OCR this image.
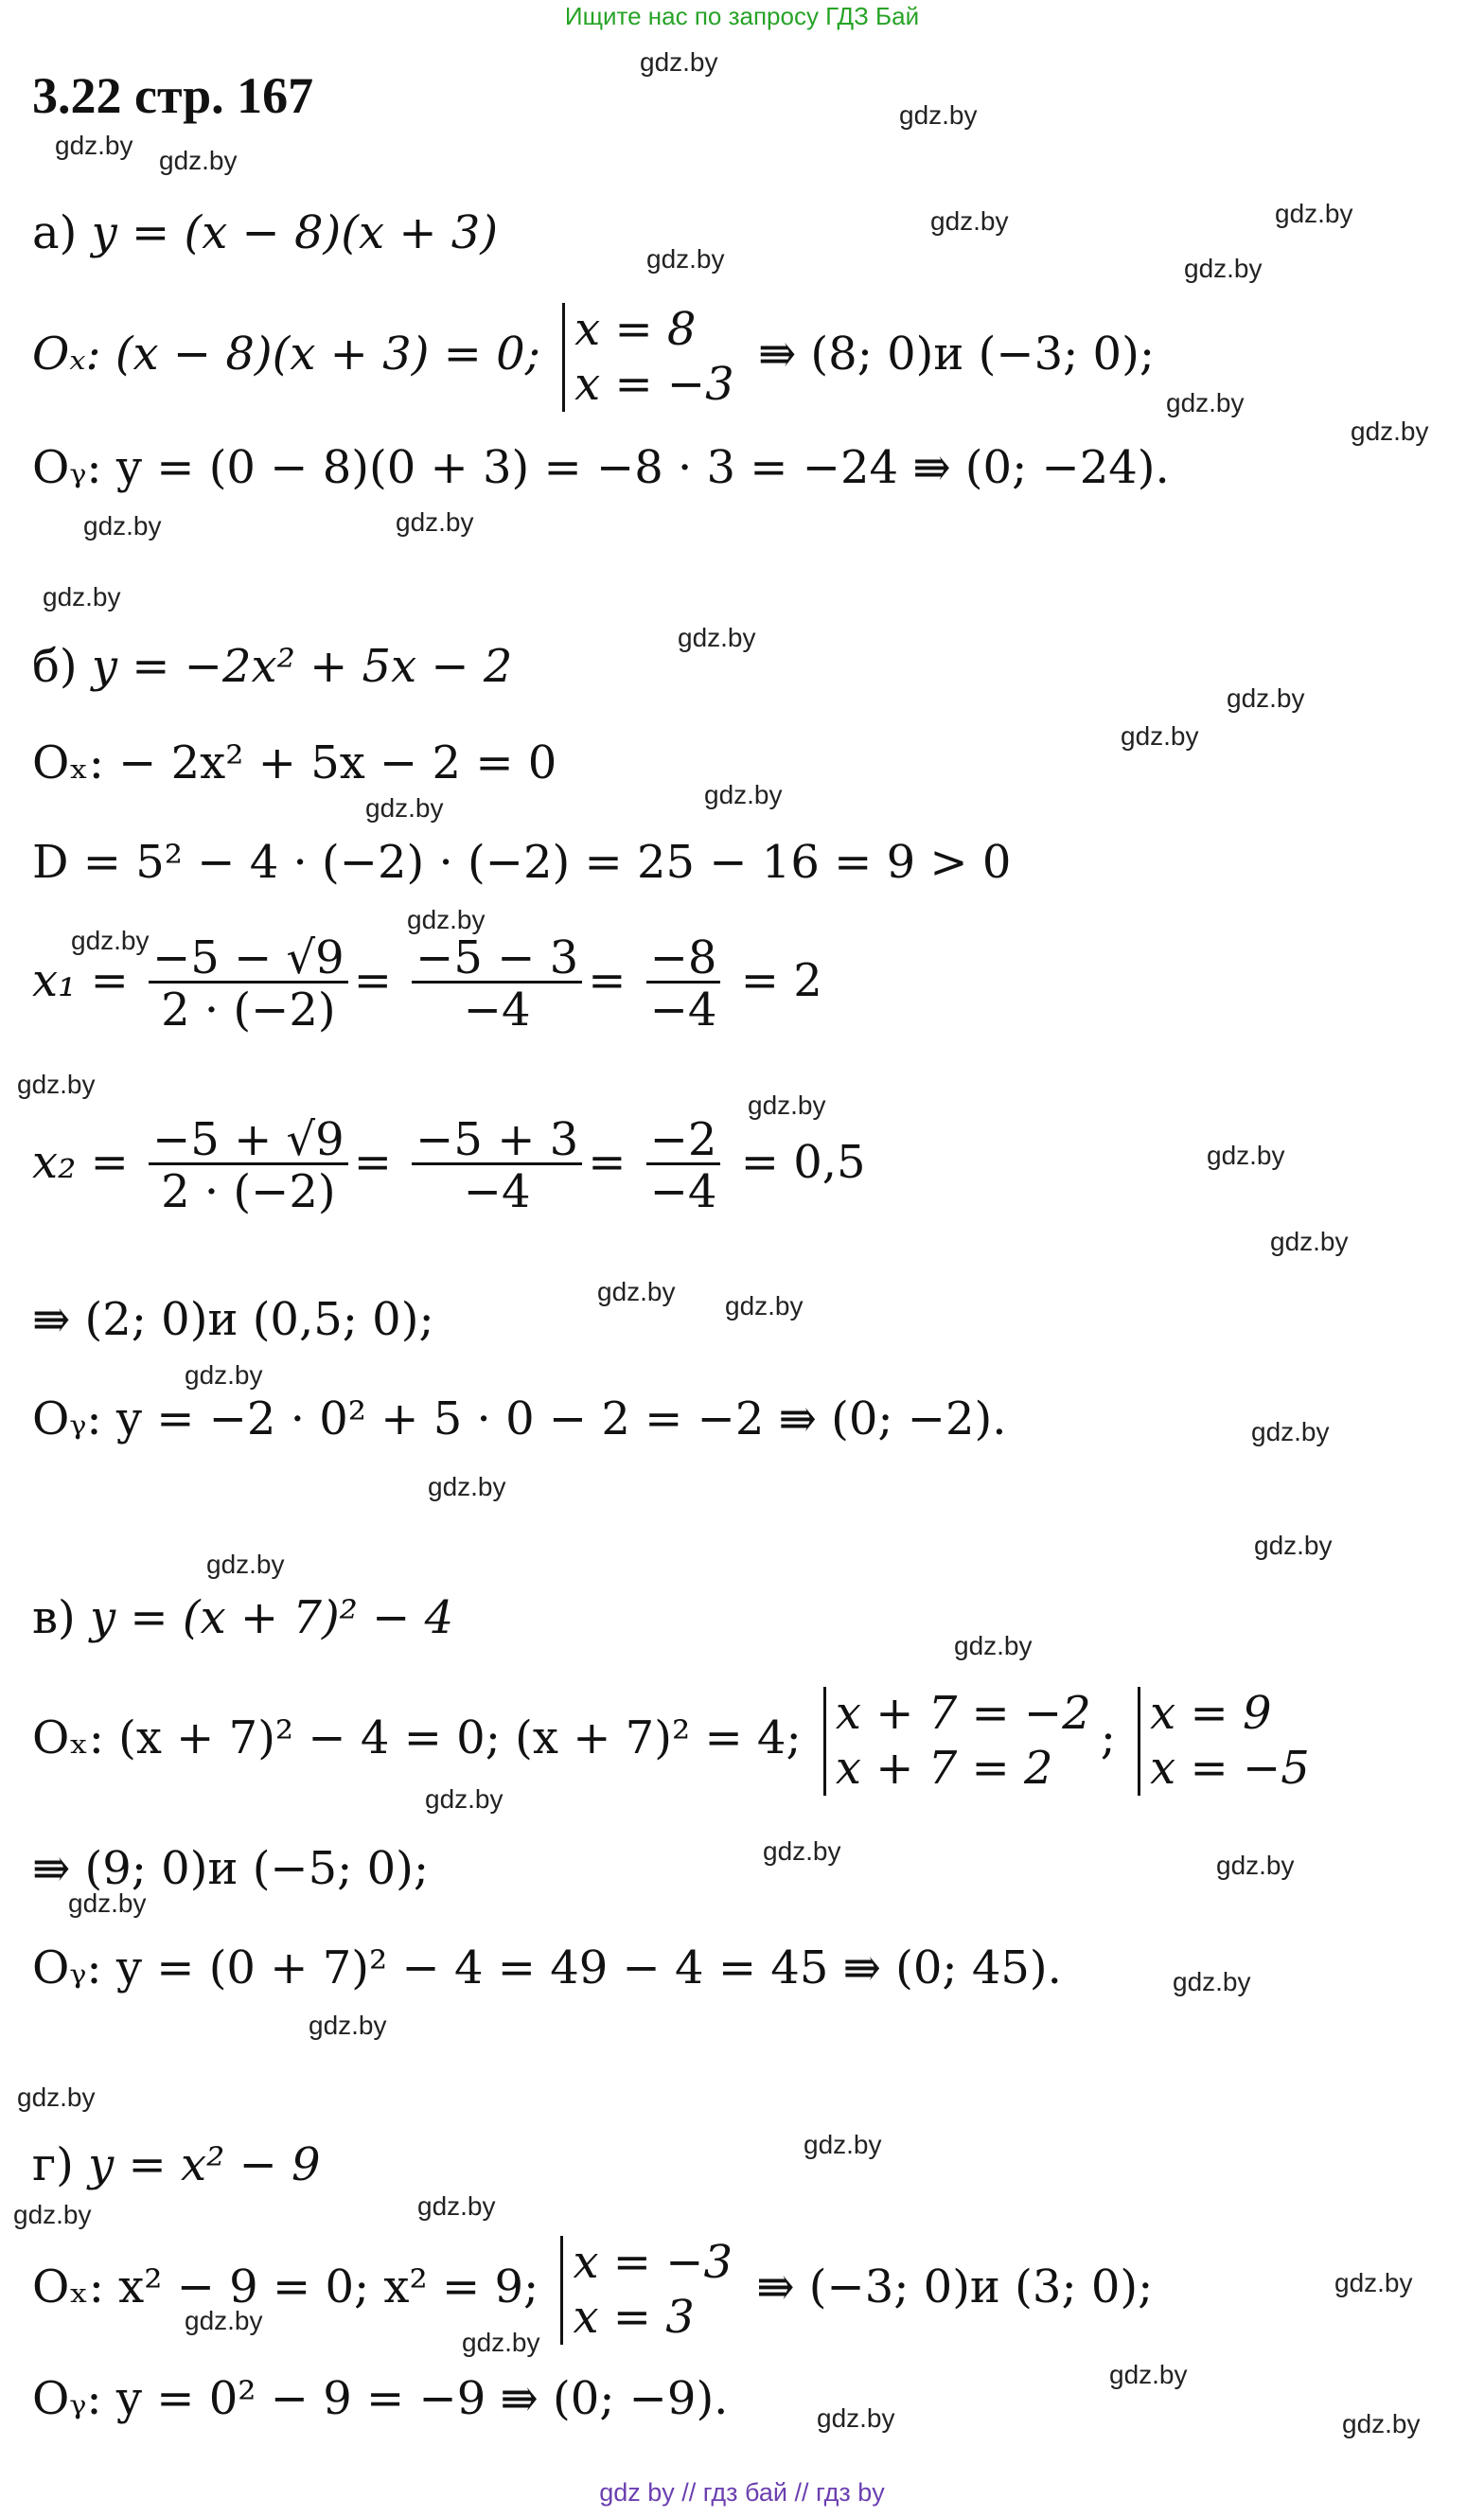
Ищите нас по запросу ГДЗ Бай
3.22 стр. 167
а) y = (x − 8)(x + 3)
Oₓ: (x − 8)(x + 3) = 0; x = 8
x = −3
⇛ (8; 0)и (−3; 0);
Oᵧ: y = (0 − 8)(0 + 3) = −8 · 3 = −24 ⇛ (0; −24).
б) y = −2x² + 5x − 2
Oₓ: − 2x² + 5x − 2 = 0
D = 5² − 4 · (−2) · (−2) = 25 − 16 = 9 > 0
$x_1 = \frac{-5 - √9}{2 \cdot (-2)} = \frac{-5 - 3}{-4} = \frac{-8}{-4} = 2$
$x_2 = \frac{-5 + √9}{2 \cdot (-2)} = \frac{-5 + 3}{-4} = \frac{-2}{-4} = 0,5$
⇛ (2; 0)и (0,5; 0);
Oᵧ: y = −2 · 0² + 5 · 0 − 2 = −2 ⇛ (0; −2).
в) y = (x + 7)² − 4
Oₓ: (x + 7)² − 4 = 0; (x + 7)² = 4; x + 7 = −2
x + 7 = 2
; x = 9
x = −5
⇛ (9; 0)и (−5; 0);
Oᵧ: y = (0 + 7)² − 4 = 49 − 4 = 45 ⇛ (0; 45).
г) y = x² − 9
Oₓ: x² − 9 = 0; x² = 9; x = −3
x = 3
⇛ (−3; 0)и (3; 0);
Oᵧ: y = 0² − 9 = −9 ⇛ (0; −9).
gdz.by
gdz.by
gdz.by
gdz.by
gdz.by	gdz.by
gdz.by	gdz.by
gdz.by
gdz.by
gdz.by	gdz.by
gdz.by
gdz.by
gdz.by
gdz.by
gdz.by	gdz.by
gdz.by
gdz.by
gdz.by
gdz.by
gdz.by
gdz.by
gdz.by gdz.by
gdz.by
gdz.by
gdz.by
gdz.by
gdz.by
gdz.by
gdz.by
gdz.by	gdz.by
gdz.by
gdz.by
gdz.by
gdz.by
gdz.by
gdz.by	gdz.by
gdz.by
gdz.by
gdz.by
gdz.by
gdz.by	gdz.by
gdz by // гдз бай // гдз by
